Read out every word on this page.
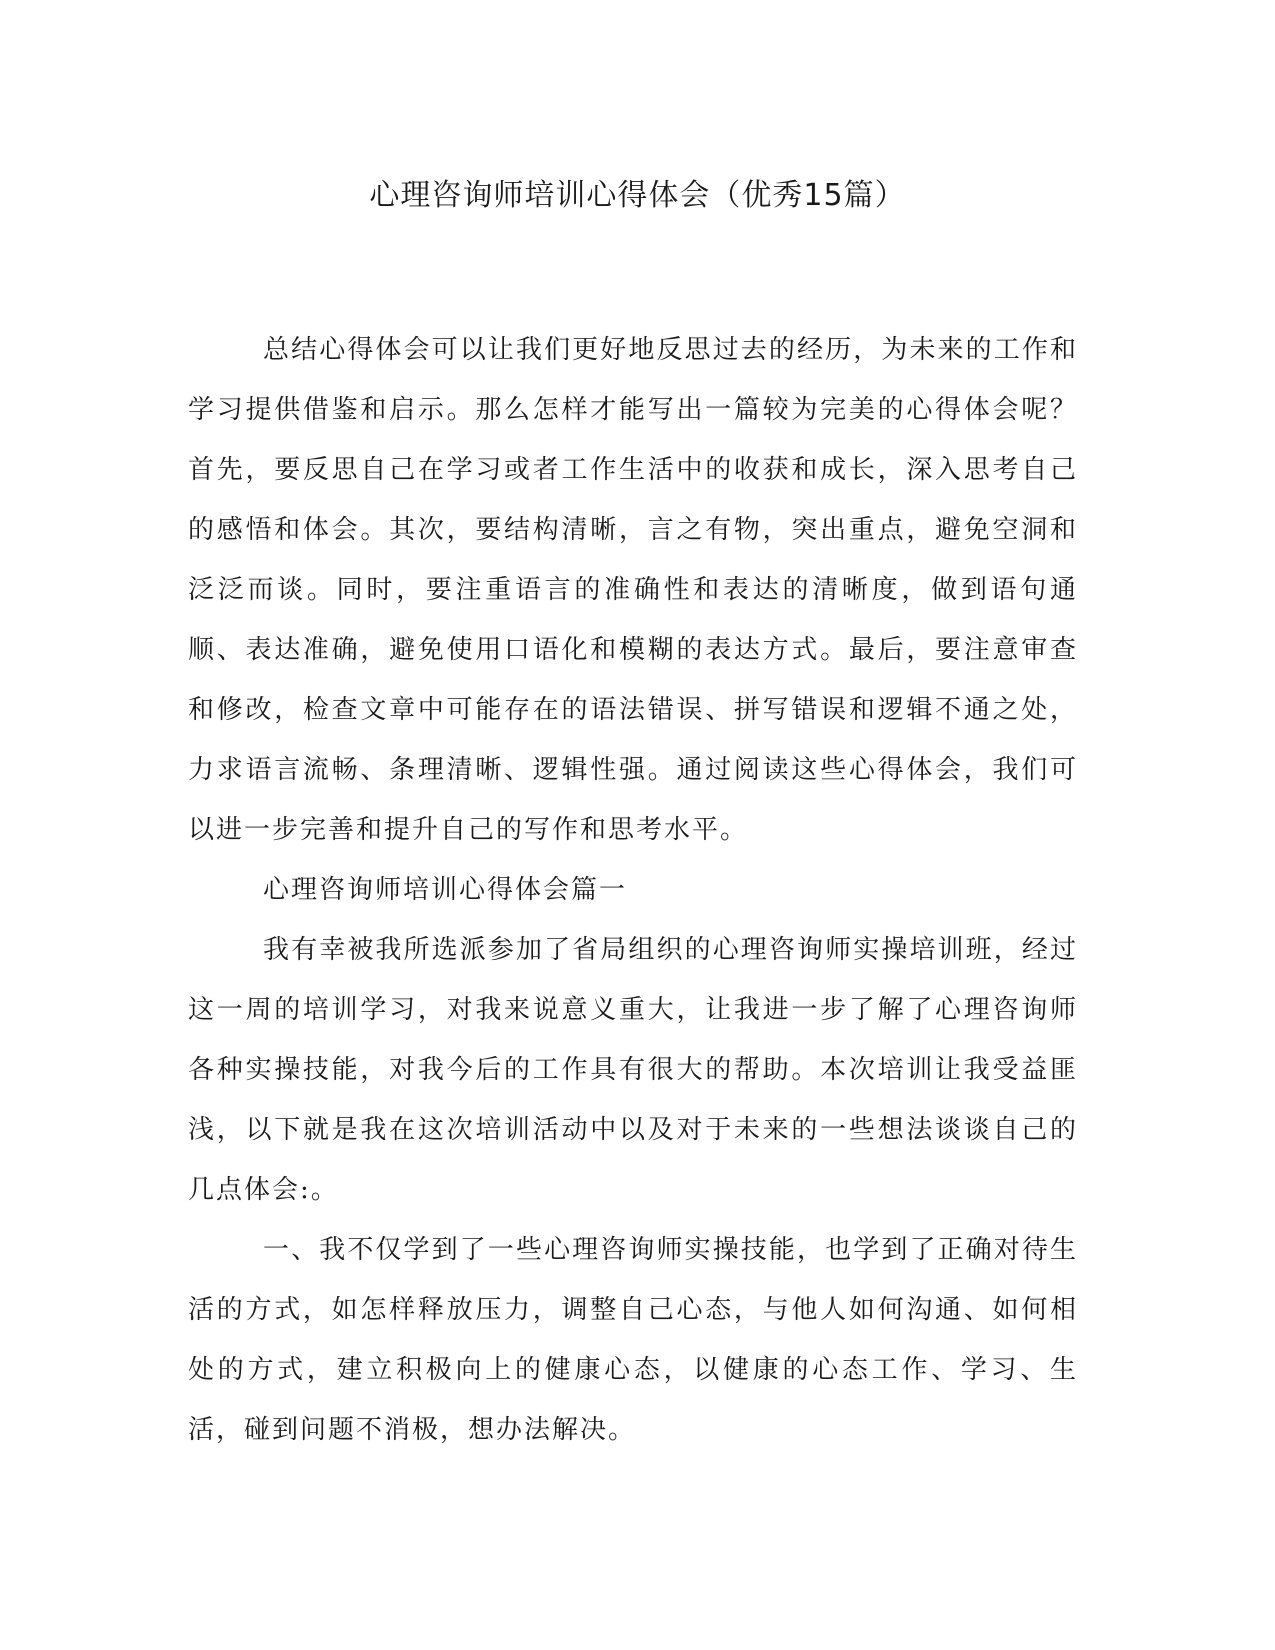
心理咨询师培训心得体会（优秀15篇）

总结心得体会可以让我们更好地反思过去的经历，为未来的工作和学习提供借鉴和启示。那么怎样才能写出一篇较为完美的心得体会呢？首先，要反思自己在学习或者工作生活中的收获和成长，深入思考自己的感悟和体会。其次，要结构清晰，言之有物，突出重点，避免空洞和泛泛而谈。同时，要注重语言的准确性和表达的清晰度，做到语句通顺、表达准确，避免使用口语化和模糊的表达方式。最后，要注意审查和修改，检查文章中可能存在的语法错误、拼写错误和逻辑不通之处，力求语言流畅、条理清晰、逻辑性强。通过阅读这些心得体会，我们可以进一步完善和提升自己的写作和思考水平。

心理咨询师培训心得体会篇一

我有幸被我所选派参加了省局组织的心理咨询师实操培训班，经过这一周的培训学习，对我来说意义重大，让我进一步了解了心理咨询师各种实操技能，对我今后的工作具有很大的帮助。本次培训让我受益匪浅，以下就是我在这次培训活动中以及对于未来的一些想法谈谈自己的几点体会:。

一、我不仅学到了一些心理咨询师实操技能，也学到了正确对待生活的方式，如怎样释放压力，调整自己心态，与他人如何沟通、如何相处的方式，建立积极向上的健康心态，以健康的心态工作、学习、生活，碰到问题不消极，想办法解决。
